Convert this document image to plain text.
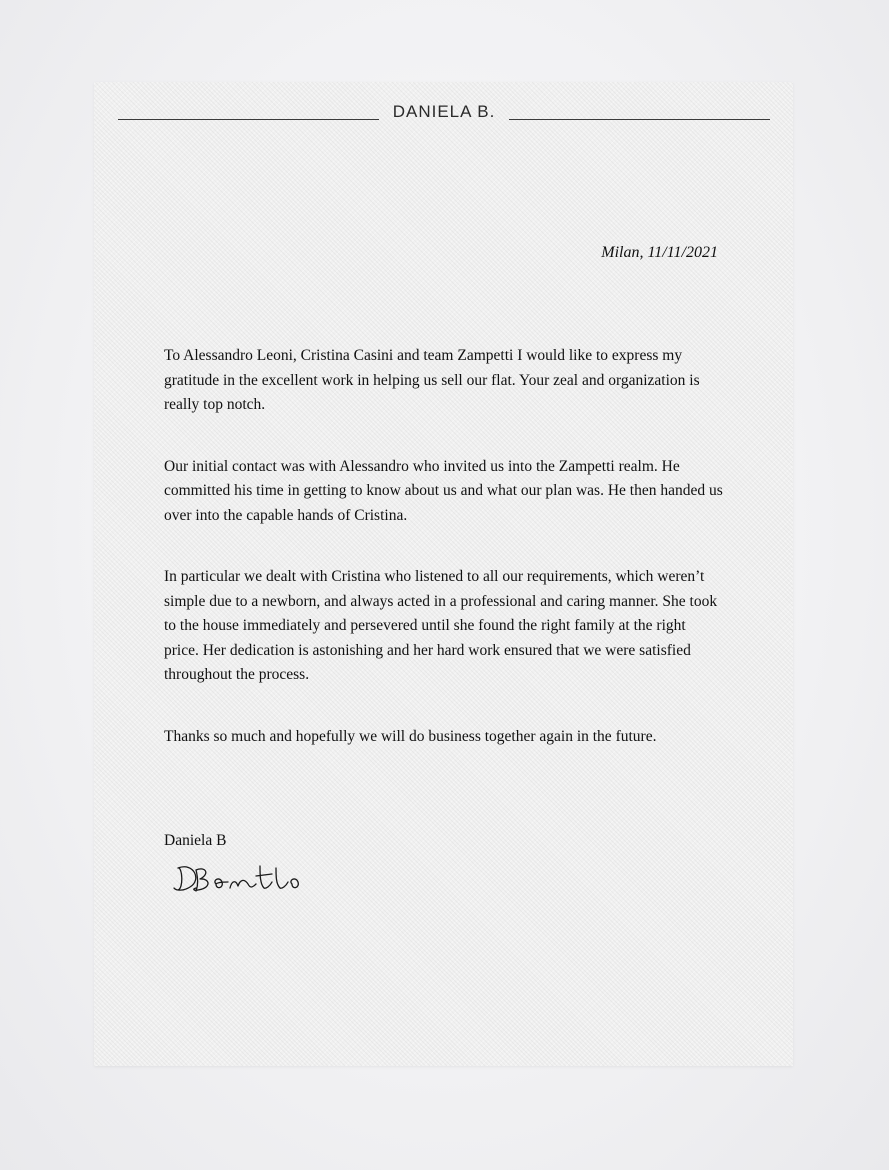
DANIELA B.
Milan, 11/11/2021

To Alessandro Leoni, Cristina Casini and team Zampetti I would like to express my gratitude in the excellent work in helping us sell our flat. Your zeal and organization is really top notch.

Our initial contact was with Alessandro who invited us into the Zampetti realm. He committed his time in getting to know about us and what our plan was. He then handed us over into the capable hands of Cristina.

In particular we dealt with Cristina who listened to all our requirements, which weren’t simple due to a newborn, and always acted in a professional and caring manner. She took to the house immediately and persevered until she found the right family at the right price. Her dedication is astonishing and her hard work ensured that we were satisfied throughout the process.

Thanks so much and hopefully we will do business together again in the future.

Daniela B
